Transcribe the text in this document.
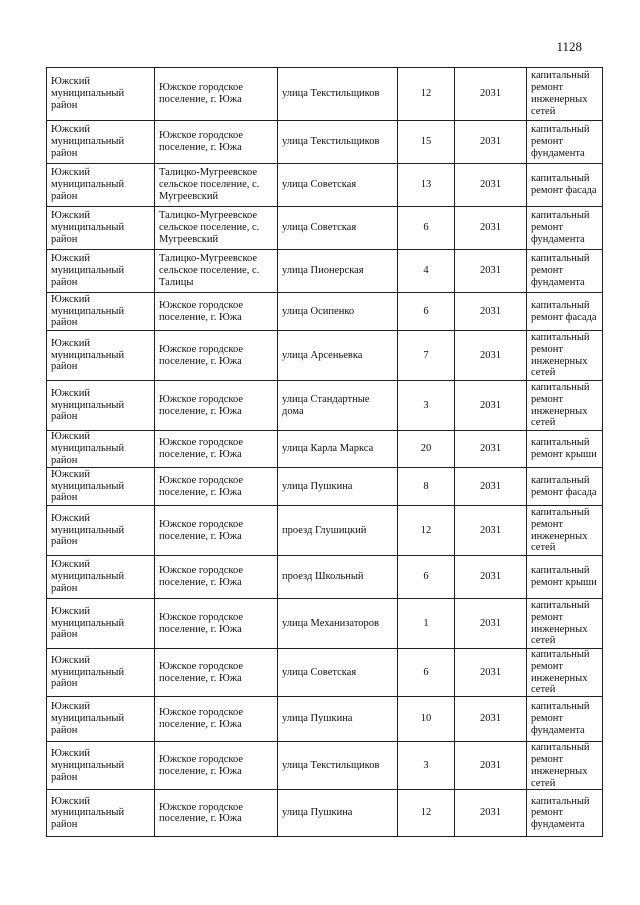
1128
Южский муниципальный район	Южское городское поселение, г. Южа	улица Текстильщиков	12	2031	капитальный ремонт инженерных сетей
Южский муниципальный район	Южское городское поселение, г. Южа	улица Текстильщиков	15	2031	капитальный ремонт фундамента
Южский муниципальный район	Талицко-Мугреевское сельское поселение, с. Мугреевский	улица Советская	13	2031	капитальный ремонт фасада
Южский муниципальный район	Талицко-Мугреевское сельское поселение, с. Мугреевский	улица Советская	6	2031	капитальный ремонт фундамента
Южский муниципальный район	Талицко-Мугреевское сельское поселение, с. Талицы	улица Пионерская	4	2031	капитальный ремонт фундамента
Южский муниципальный район	Южское городское поселение, г. Южа	улица Осипенко	6	2031	капитальный ремонт фасада
Южский муниципальный район	Южское городское поселение, г. Южа	улица Арсеньевка	7	2031	капитальный ремонт инженерных сетей
Южский муниципальный район	Южское городское поселение, г. Южа	улица Стандартные дома	3	2031	капитальный ремонт инженерных сетей
Южский муниципальный район	Южское городское поселение, г. Южа	улица Карла Маркса	20	2031	капитальный ремонт крыши
Южский муниципальный район	Южское городское поселение, г. Южа	улица Пушкина	8	2031	капитальный ремонт фасада
Южский муниципальный район	Южское городское поселение, г. Южа	проезд Глушицкий	12	2031	капитальный ремонт инженерных сетей
Южский муниципальный район	Южское городское поселение, г. Южа	проезд Школьный	6	2031	капитальный ремонт крыши
Южский муниципальный район	Южское городское поселение, г. Южа	улица Механизаторов	1	2031	капитальный ремонт инженерных сетей
Южский муниципальный район	Южское городское поселение, г. Южа	улица Советская	6	2031	капитальный ремонт инженерных сетей
Южский муниципальный район	Южское городское поселение, г. Южа	улица Пушкина	10	2031	капитальный ремонт фундамента
Южский муниципальный район	Южское городское поселение, г. Южа	улица Текстильщиков	3	2031	капитальный ремонт инженерных сетей
Южский муниципальный район	Южское городское поселение, г. Южа	улица Пушкина	12	2031	капитальный ремонт фундамента
